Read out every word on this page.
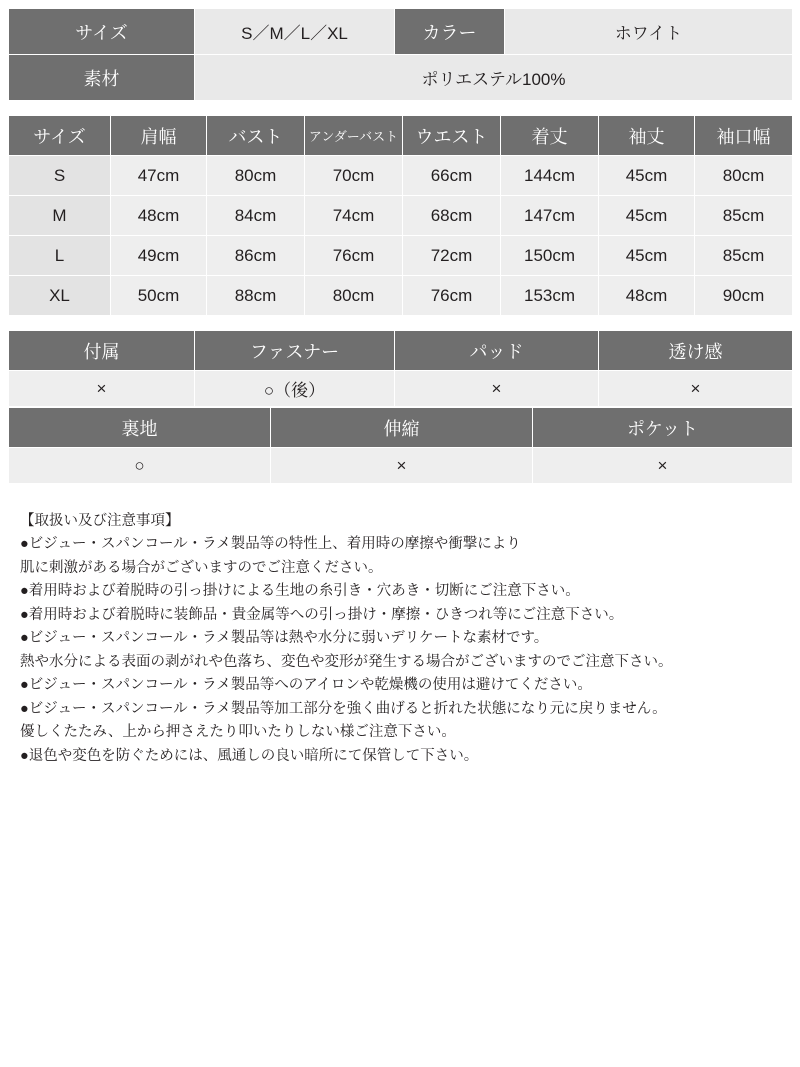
サイズ	S／M／L／XL	カラー	ホワイト
素材	ポリエステル100%		
サイズ	肩幅	バスト	アンダーバスト	ウエスト	着丈	袖丈	袖口幅
S	47cm	80cm	70cm	66cm	144cm	45cm	80cm
M	48cm	84cm	74cm	68cm	147cm	45cm	85cm
L	49cm	86cm	76cm	72cm	150cm	45cm	85cm
XL	50cm	88cm	80cm	76cm	153cm	48cm	90cm
付属	ファスナー	パッド	透け感
×	○（後）	×	×
裏地	伸縮	ポケット
○	×	×
【取扱い及び注意事項】
●ビジュー・スパンコール・ラメ製品等の特性上、着用時の摩擦や衝撃により
肌に刺激がある場合がございますのでご注意ください。
●着用時および着脱時の引っ掛けによる生地の糸引き・穴あき・切断にご注意下さい。
●着用時および着脱時に装飾品・貴金属等への引っ掛け・摩擦・ひきつれ等にご注意下さい。
●ビジュー・スパンコール・ラメ製品等は熱や水分に弱いデリケートな素材です。
熱や水分による表面の剥がれや色落ち、変色や変形が発生する場合がございますのでご注意下さい。
●ビジュー・スパンコール・ラメ製品等へのアイロンや乾燥機の使用は避けてください。
●ビジュー・スパンコール・ラメ製品等加工部分を強く曲げると折れた状態になり元に戻りません。
優しくたたみ、上から押さえたり叩いたりしない様ご注意下さい。
●退色や変色を防ぐためには、風通しの良い暗所にて保管して下さい。
